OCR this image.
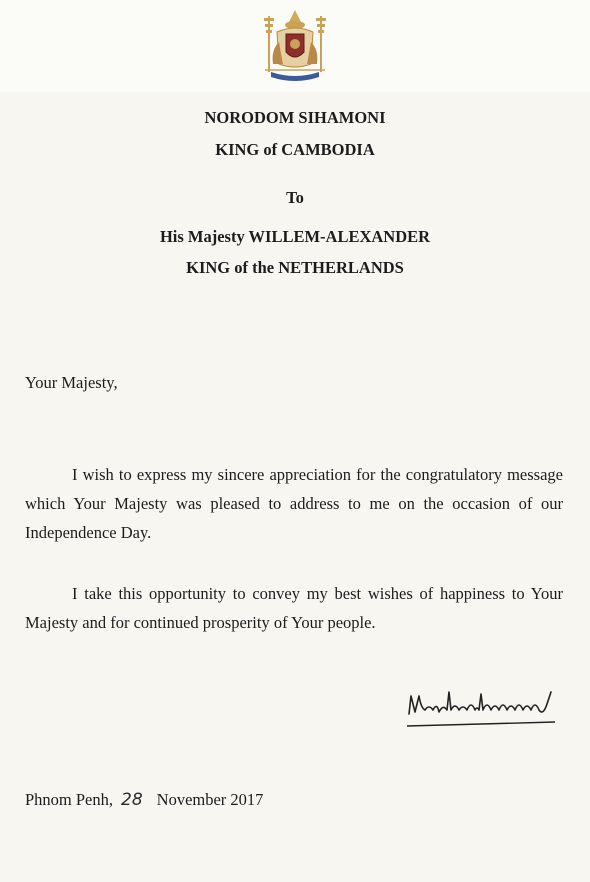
NORODOM SIHAMONI
KING of CAMBODIA
To
His Majesty WILLEM-ALEXANDER
KING of the NETHERLANDS
Your Majesty,

I wish to express my sincere appreciation for the congratulatory message which Your Majesty was pleased to address to me on the occasion of our Independence Day.

I take this opportunity to convey my best wishes of happiness to Your Majesty and for continued prosperity of Your people.

Phnom Penh, 28 November 2017
